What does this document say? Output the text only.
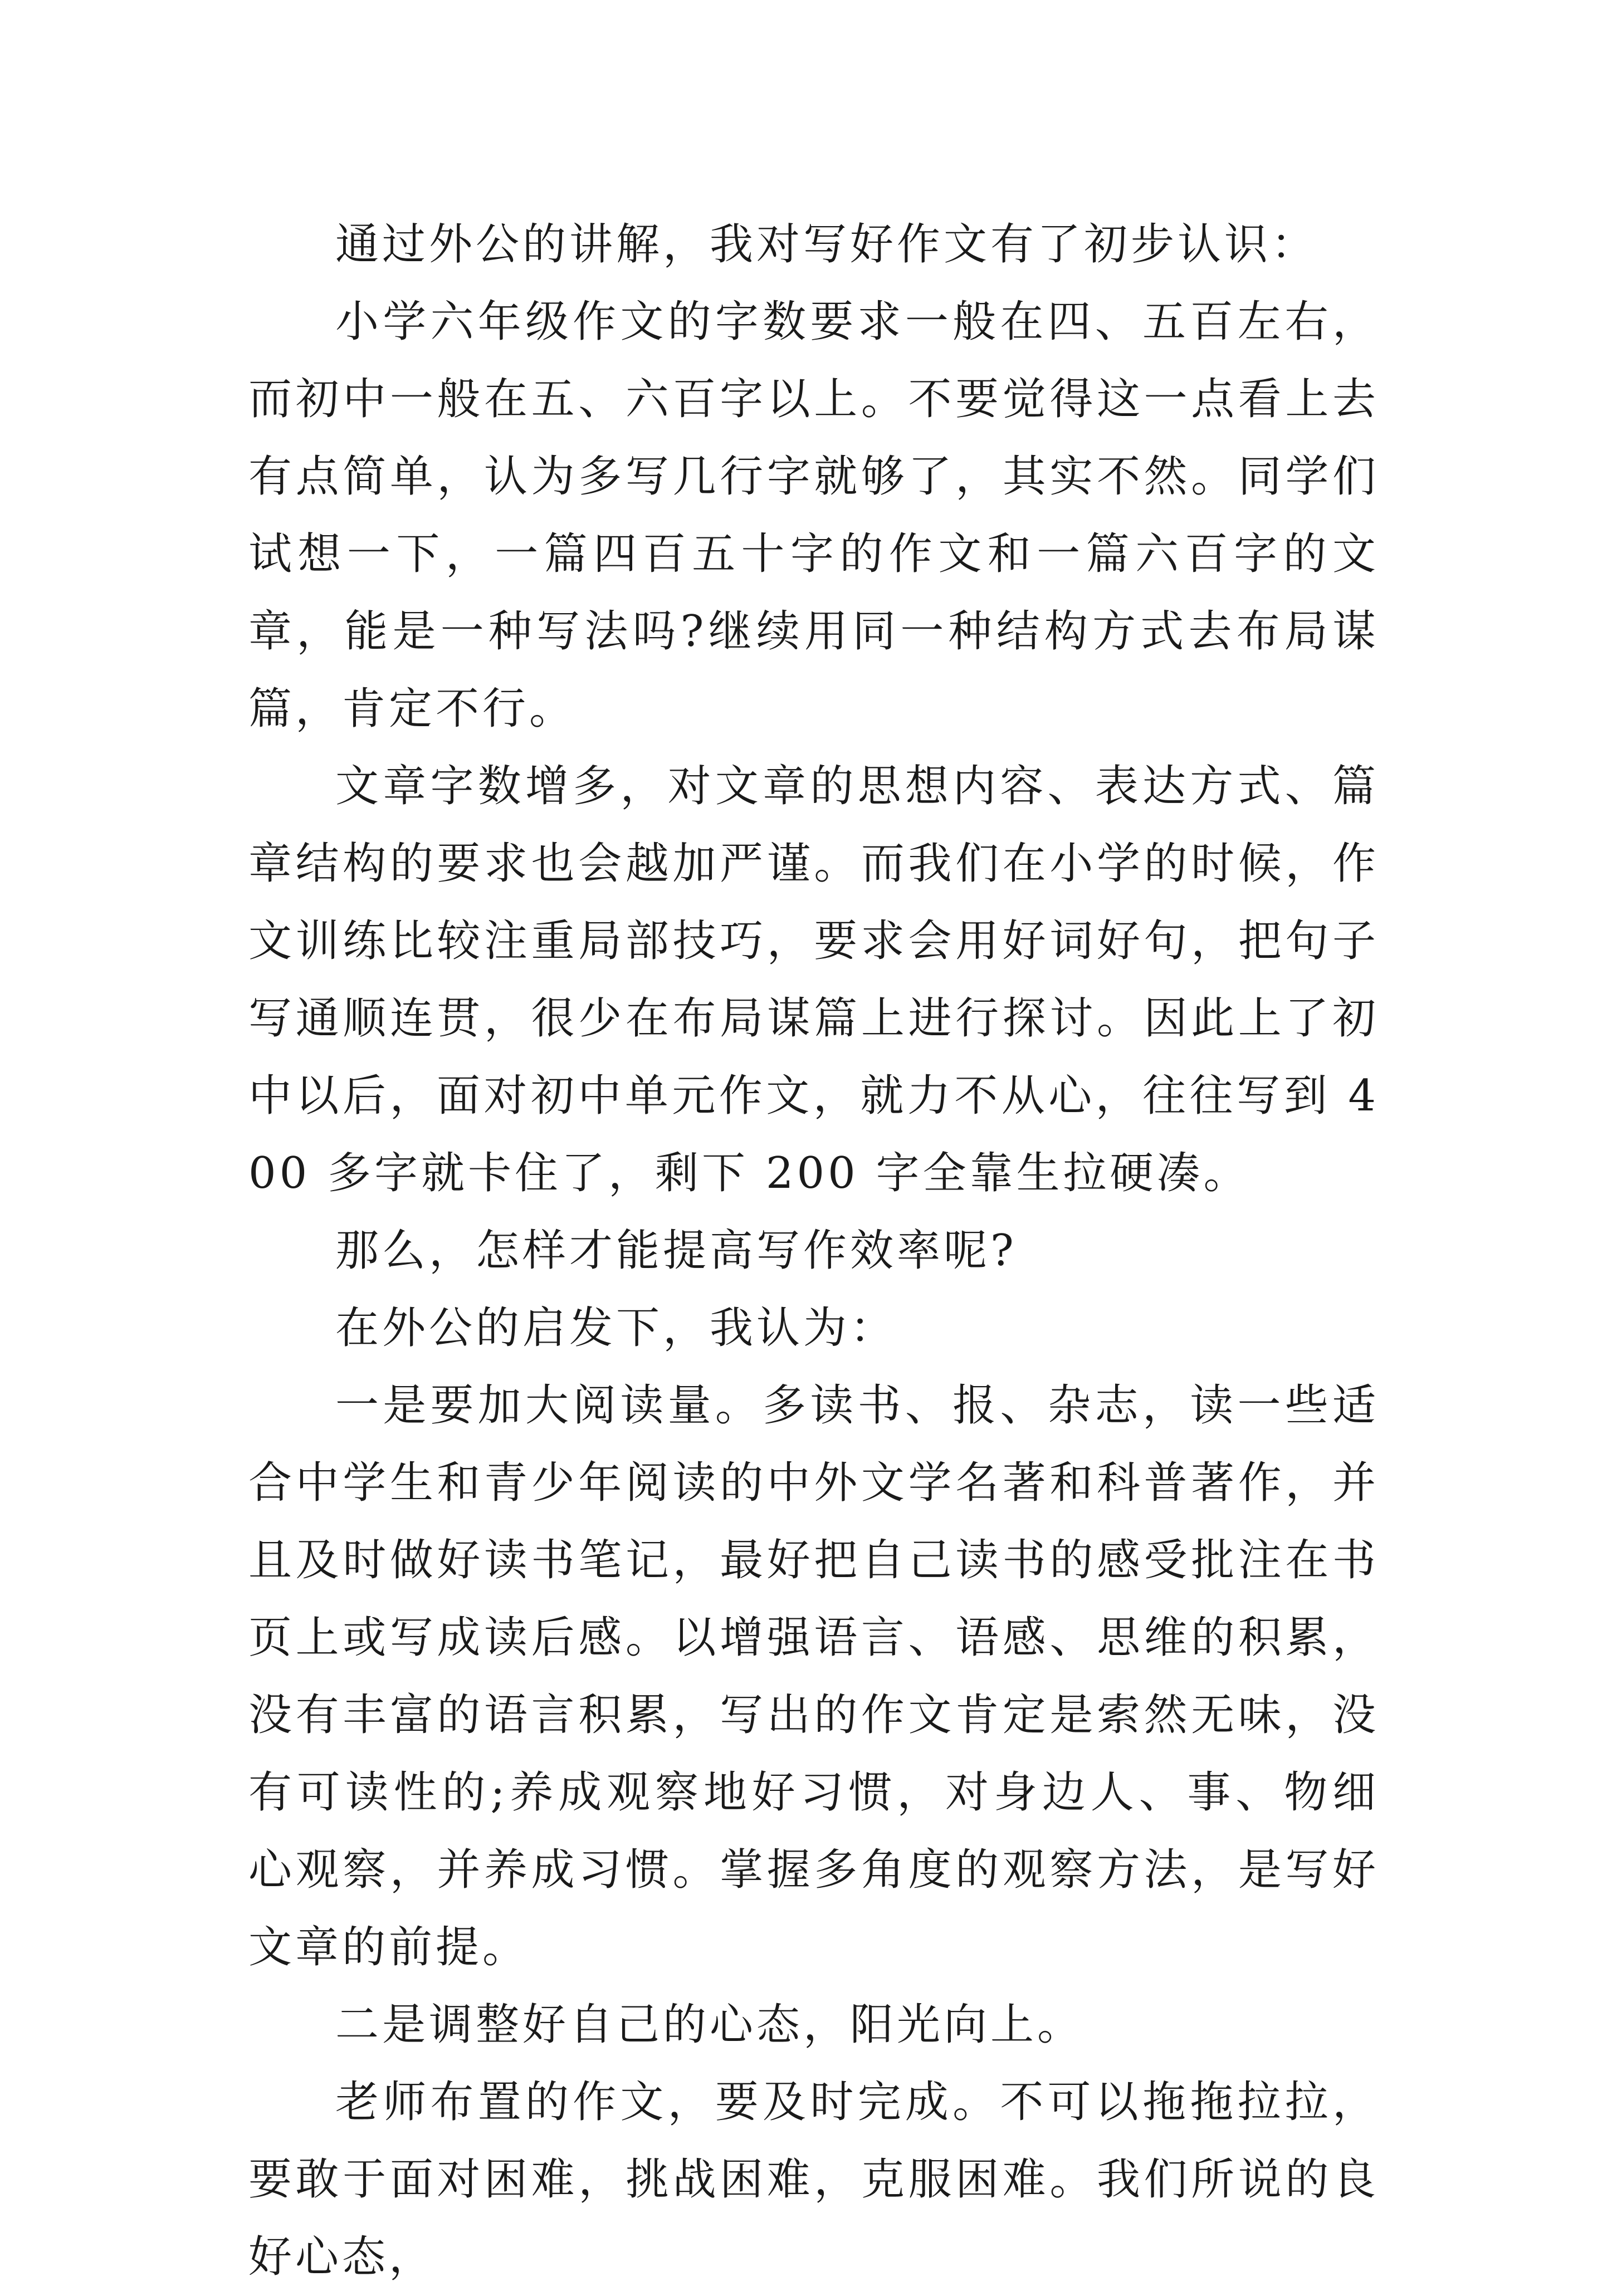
通过外公的讲解，我对写好作文有了初步认识：

小学六年级作文的字数要求一般在四、五百左右，而初中一般在五、六百字以上。不要觉得这一点看上去有点简单，认为多写几行字就够了，其实不然。同学们试想一下，一篇四百五十字的作文和一篇六百字的文章，能是一种写法吗?继续用同一种结构方式去布局谋篇，肯定不行。

文章字数增多，对文章的思想内容、表达方式、篇章结构的要求也会越加严谨。而我们在小学的时候，作文训练比较注重局部技巧，要求会用好词好句，把句子写通顺连贯，很少在布局谋篇上进行探讨。因此上了初中以后，面对初中单元作文，就力不从心，往往写到 400 多字就卡住了，剩下 200 字全靠生拉硬凑。

那么，怎样才能提高写作效率呢?

在外公的启发下，我认为：

一是要加大阅读量。多读书、报、杂志，读一些适合中学生和青少年阅读的中外文学名著和科普著作，并且及时做好读书笔记，最好把自己读书的感受批注在书页上或写成读后感。以增强语言、语感、思维的积累，没有丰富的语言积累，写出的作文肯定是索然无味，没有可读性的;养成观察地好习惯，对身边人、事、物细心观察，并养成习惯。掌握多角度的观察方法，是写好文章的前提。

二是调整好自己的心态，阳光向上。

老师布置的作文，要及时完成。不可以拖拖拉拉，要敢于面对困难，挑战困难，克服困难。我们所说的良好心态，
